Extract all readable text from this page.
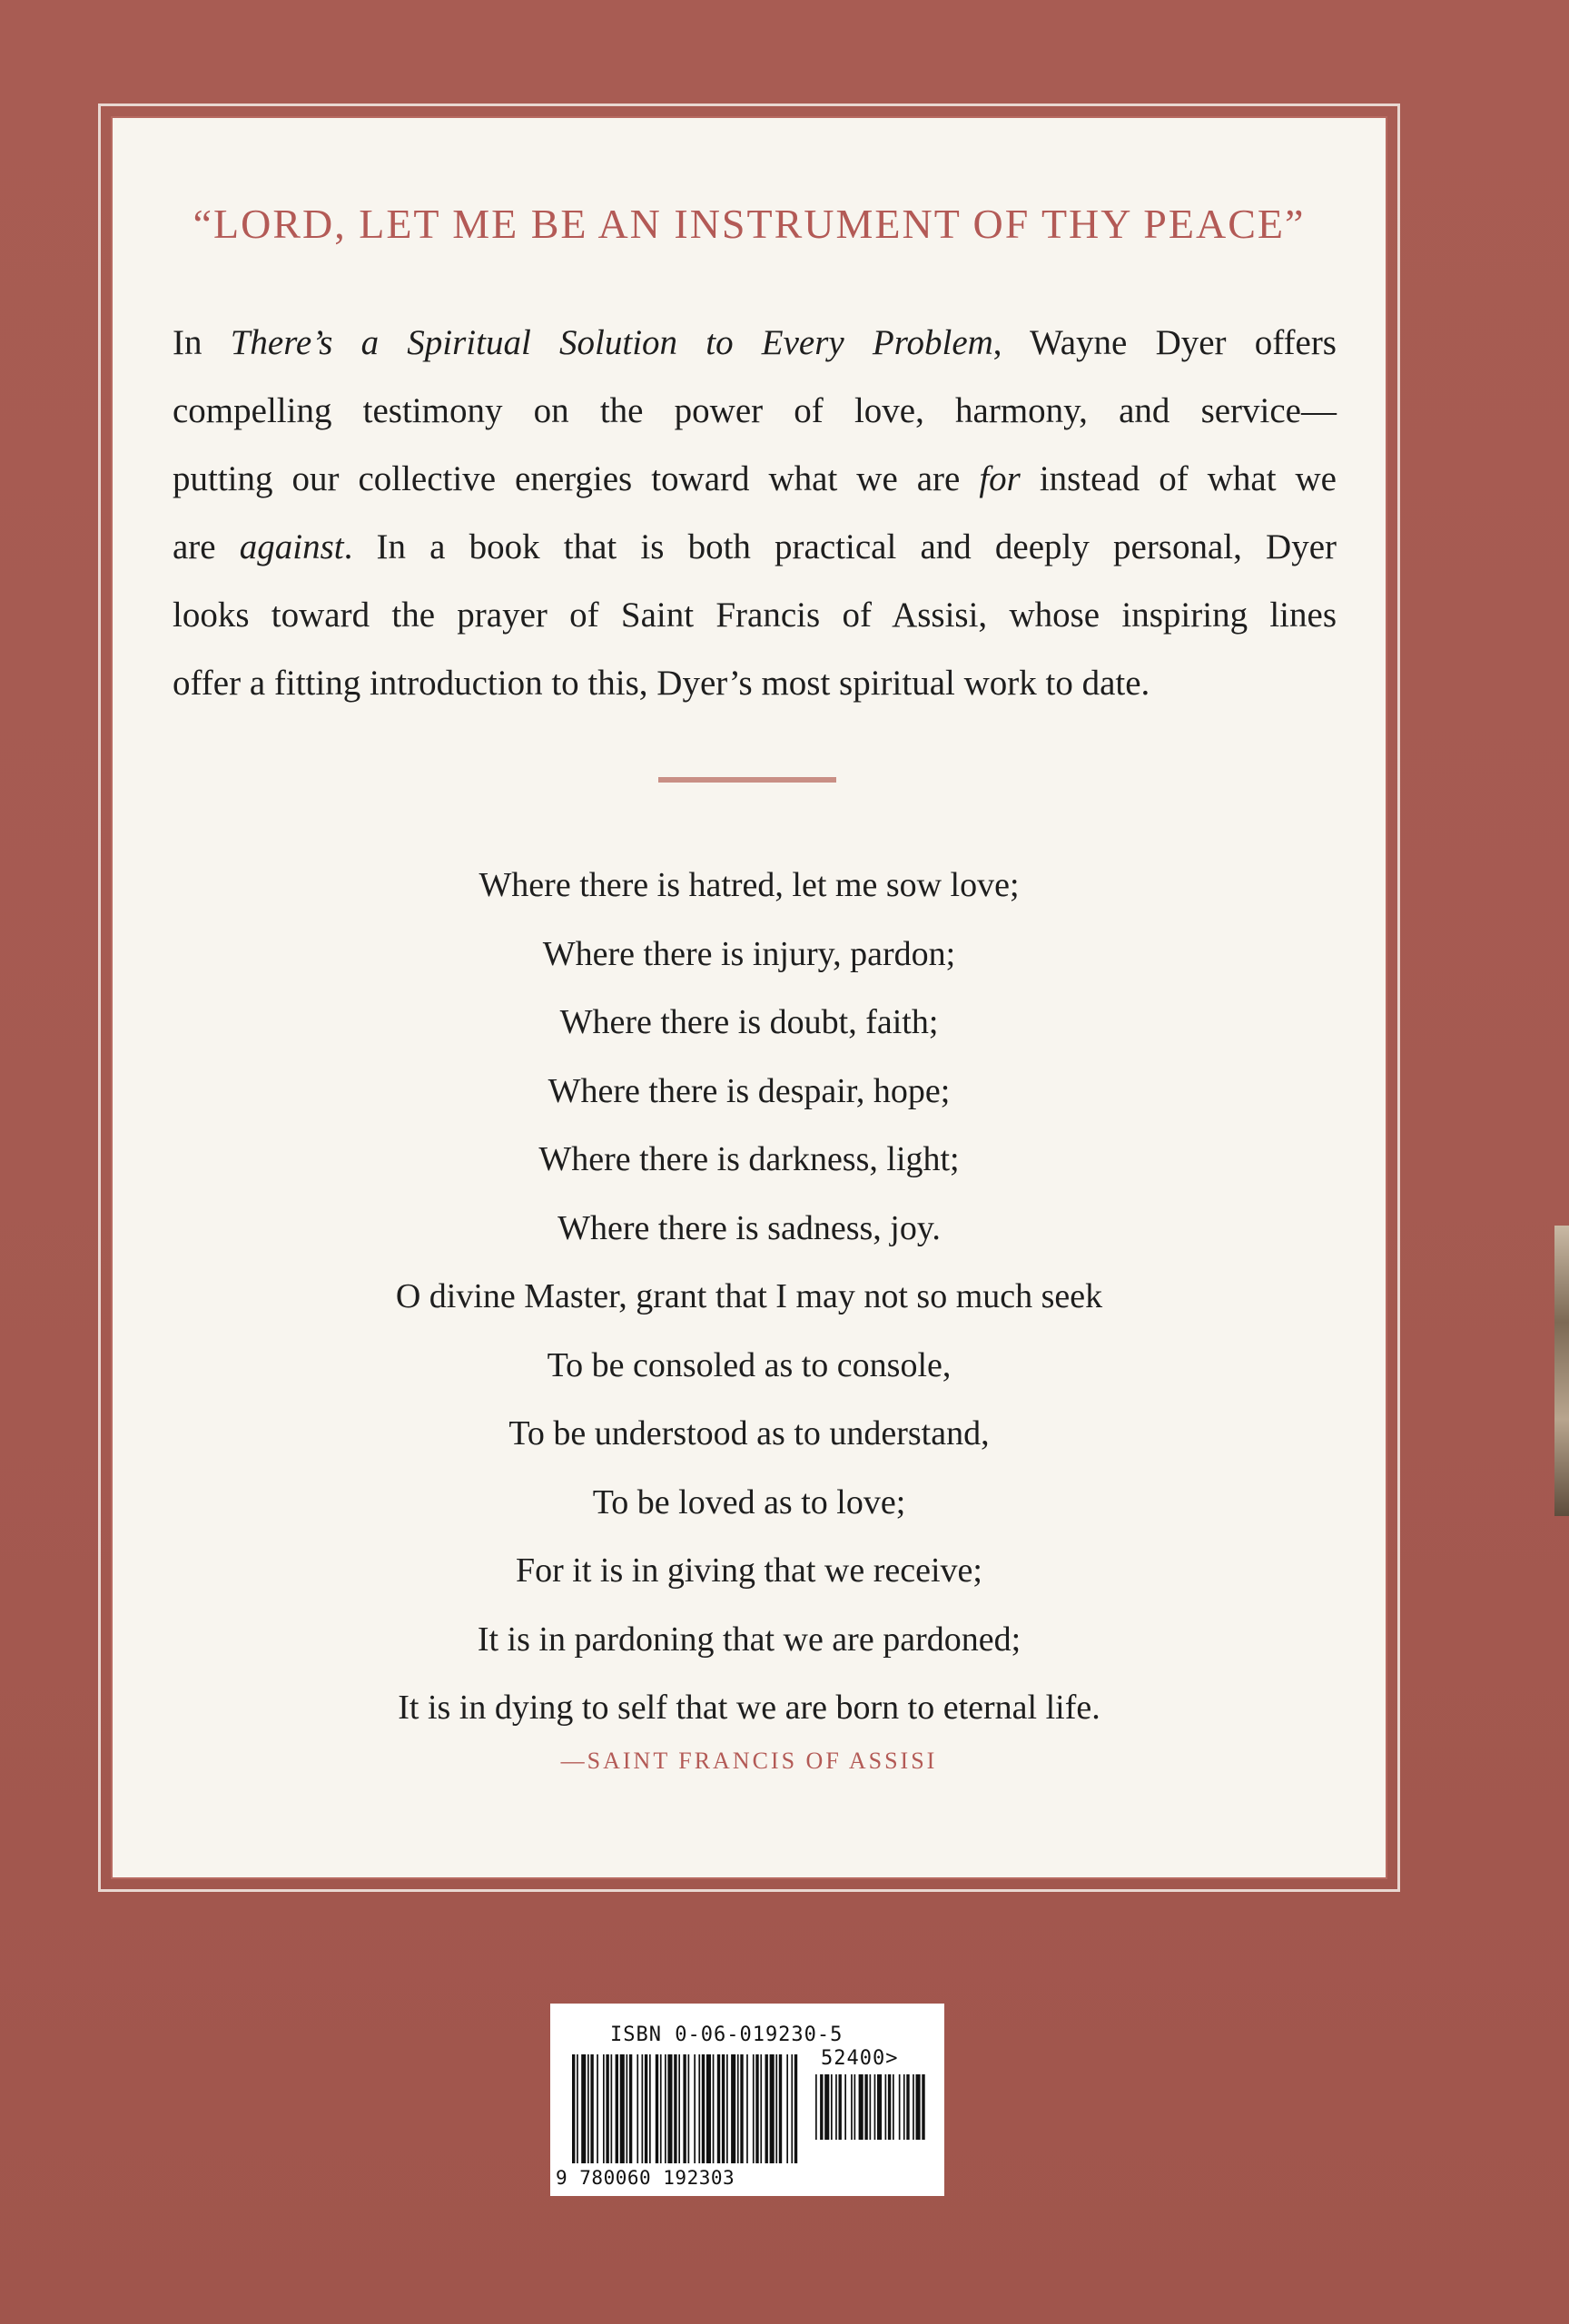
“LORD, LET ME BE AN INSTRUMENT OF THY PEACE”
In There’s a Spiritual Solution to Every Problem, Wayne Dyer offers
compelling testimony on the power of love, harmony, and service—
putting our collective energies toward what we are for instead of what we
are against. In a book that is both practical and deeply personal, Dyer
looks toward the prayer of Saint Francis of Assisi, whose inspiring lines
offer a fitting introduction to this, Dyer’s most spiritual work to date.
Where there is hatred, let me sow love;
Where there is injury, pardon;
Where there is doubt, faith;
Where there is despair, hope;
Where there is darkness, light;
Where there is sadness, joy.
O divine Master, grant that I may not so much seek
To be consoled as to console,
To be understood as to understand,
To be loved as to love;
For it is in giving that we receive;
It is in pardoning that we are pardoned;
It is in dying to self that we are born to eternal life.
—SAINT FRANCIS OF ASSISI
ISBN 0-06-019230-5
52400>
9 780060 192303
